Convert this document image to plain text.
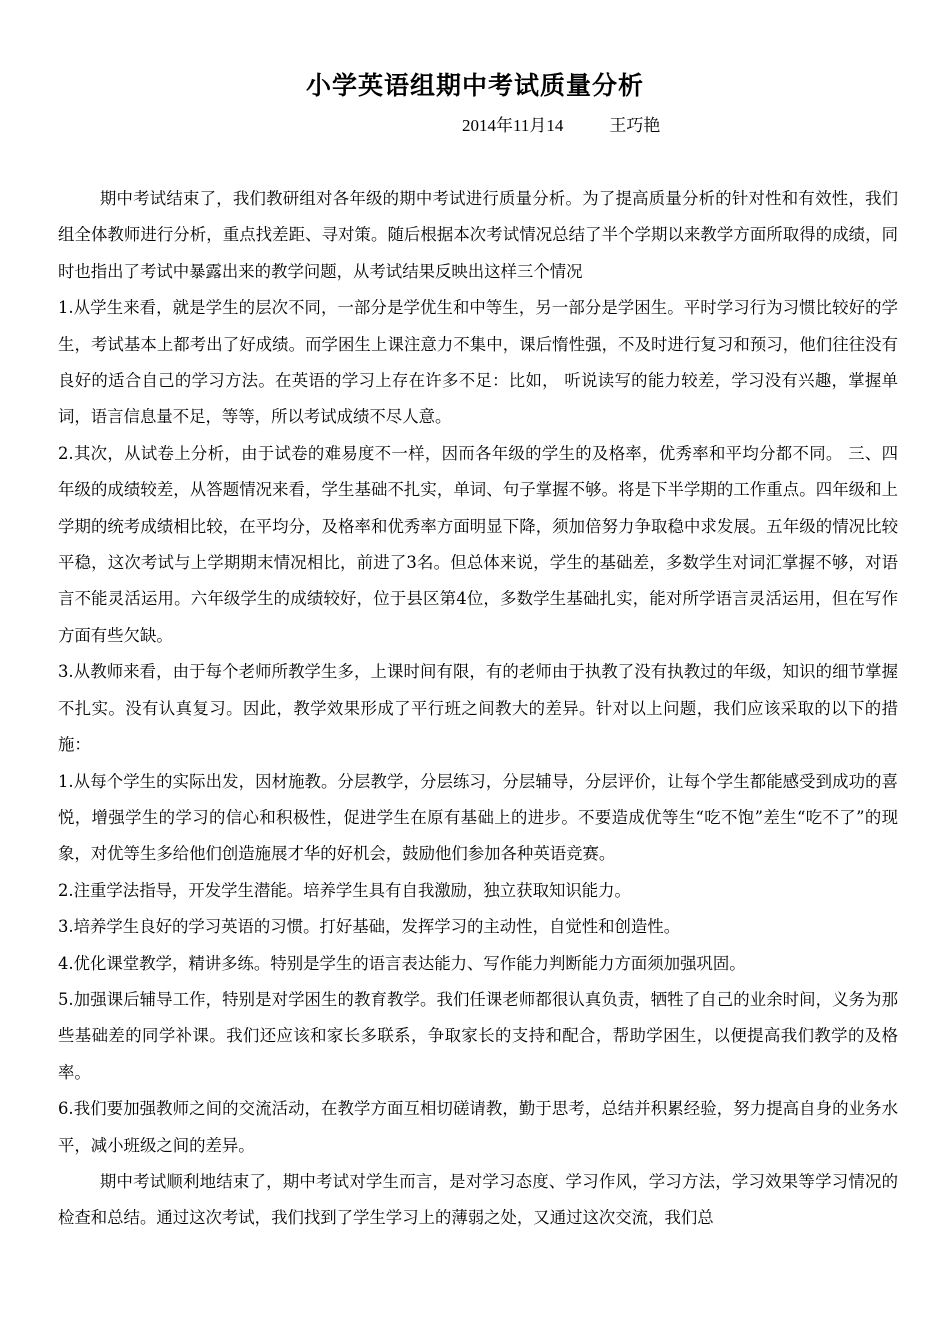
小学英语组期中考试质量分析
2014年11月14	王巧艳

期中考试结束了，我们教研组对各年级的期中考试进行质量分析。为了提高质量分析的针对性和有效性，我们组全体教师进行分析，重点找差距、寻对策。随后根据本次考试情况总结了半个学期以来教学方面所取得的成绩，同时也指出了考试中暴露出来的教学问题，从考试结果反映出这样三个情况

1.从学生来看，就是学生的层次不同，一部分是学优生和中等生，另一部分是学困生。平时学习行为习惯比较好的学生，考试基本上都考出了好成绩。而学困生上课注意力不集中，课后惰性强，不及时进行复习和预习，他们往往没有良好的适合自己的学习方法。在英语的学习上存在许多不足：比如， 听说读写的能力较差，学习没有兴趣，掌握单词，语言信息量不足，等等，所以考试成绩不尽人意。

2.其次，从试卷上分析，由于试卷的难易度不一样，因而各年级的学生的及格率，优秀率和平均分都不同。 三、四年级的成绩较差，从答题情况来看，学生基础不扎实，单词、句子掌握不够。将是下半学期的工作重点。四年级和上学期的统考成绩相比较，在平均分，及格率和优秀率方面明显下降，须加倍努力争取稳中求发展。五年级的情况比较平稳，这次考试与上学期期末情况相比，前进了3名。但总体来说，学生的基础差，多数学生对词汇掌握不够，对语言不能灵活运用。六年级学生的成绩较好，位于县区第4位，多数学生基础扎实，能对所学语言灵活运用，但在写作方面有些欠缺。

3.从教师来看，由于每个老师所教学生多，上课时间有限，有的老师由于执教了没有执教过的年级，知识的细节掌握不扎实。没有认真复习。因此，教学效果形成了平行班之间教大的差异。针对以上问题，我们应该采取的以下的措施：

1.从每个学生的实际出发，因材施教。分层教学，分层练习，分层辅导，分层评价，让每个学生都能感受到成功的喜悦，增强学生的学习的信心和积极性，促进学生在原有基础上的进步。不要造成优等生“吃不饱”差生“吃不了”的现象，对优等生多给他们创造施展才华的好机会，鼓励他们参加各种英语竞赛。

2.注重学法指导，开发学生潜能。培养学生具有自我激励，独立获取知识能力。

3.培养学生良好的学习英语的习惯。打好基础，发挥学习的主动性，自觉性和创造性。

4.优化课堂教学，精讲多练。特别是学生的语言表达能力、写作能力判断能力方面须加强巩固。

5.加强课后辅导工作，特别是对学困生的教育教学。我们任课老师都很认真负责，牺牲了自己的业余时间，义务为那些基础差的同学补课。我们还应该和家长多联系，争取家长的支持和配合，帮助学困生，以便提高我们教学的及格率。

6.我们要加强教师之间的交流活动，在教学方面互相切磋请教，勤于思考，总结并积累经验，努力提高自身的业务水平，减小班级之间的差异。

期中考试顺利地结束了，期中考试对学生而言，是对学习态度、学习作风，学习方法，学习效果等学习情况的检查和总结。通过这次考试，我们找到了学生学习上的薄弱之处，又通过这次交流，我们总
